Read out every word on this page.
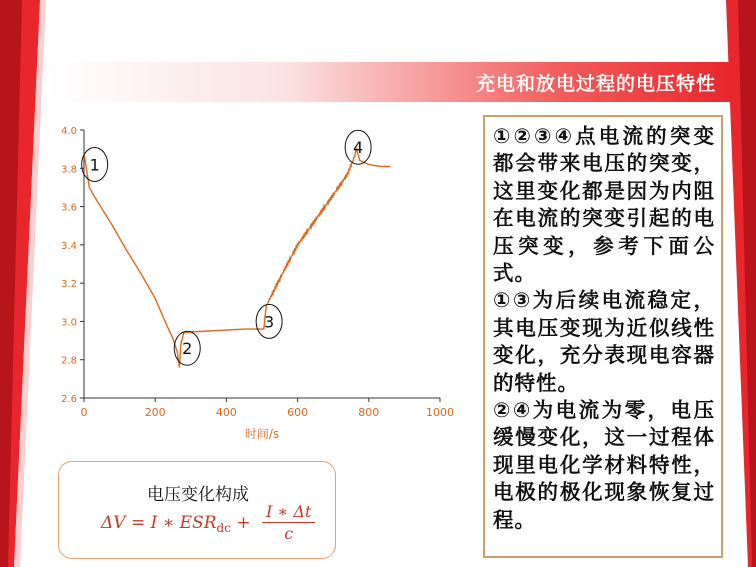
充电和放电过程的电压特性
0	200	400	600	800	1000
2.6
2.8
3.0
3.2
3.4
3.6
3.8
4.0
时间/s
1
2
3
4
电压变化构成
ΔV = I ∗ ESR dc + $\frac{I ∗ \Delta t}{c}$

①②③④点电流的突变都会带来电压的突变，这里变化都是因为内阻在电流的突变引起的电压突变，参考下面公式。

①③为后续电流稳定，其电压变现为近似线性变化，充分表现电容器的特性。

②④为电流为零，电压缓慢变化，这一过程体现里电化学材料特性，电极的极化现象恢复过程。
